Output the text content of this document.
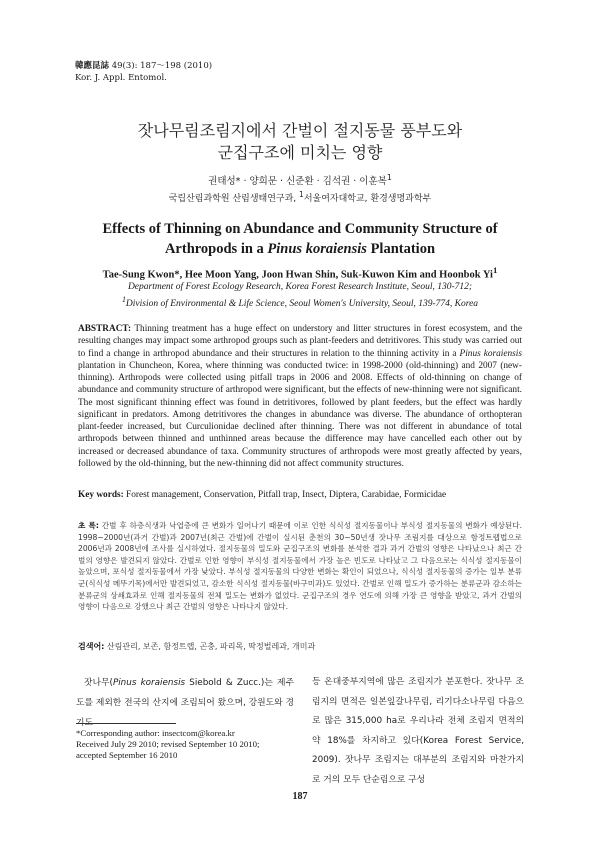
韓應昆誌 49(3): 187～198 (2010)
Kor. J. Appl. Entomol.
잣나무림조림지에서 간벌이 절지동물 풍부도와
군집구조에 미치는 영향
권태성* · 양희문 · 신준환 · 김석권 · 이훈복$^1$
국립산림과학원 산림생태연구과, $^1$서울여자대학교, 환경생명과학부
Effects of Thinning on Abundance and Community Structure of
Arthropods in a Pinus koraiensis Plantation
Tae-Sung Kwon*, Hee Moon Yang, Joon Hwan Shin, Suk-Kuwon Kim and Hoonbok Yi$^1$
Department of Forest Ecology Research, Korea Forest Research Institute, Seoul, 130-712;
$^1$Division of Environmental & Life Science, Seoul Women's University, Seoul, 139-774, Korea
ABSTRACT: Thinning treatment has a huge effect on understory and litter structures in forest ecosystem, and the resulting changes may impact some arthropod groups such as plant-feeders and detritivores. This study was carried out to find a change in arthropod abundance and their structures in relation to the thinning activity in a Pinus koraiensis plantation in Chuncheon, Korea, where thinning was conducted twice: in 1998-2000 (old-thinning) and 2007 (new-thinning). Arthropods were collected using pitfall traps in 2006 and 2008. Effects of old-thinning on change of abundance and community structure of arthropod were significant, but the effects of new-thinning were not significant. The most significant thinning effect was found in detritivores, followed by plant feeders, but the effect was hardly significant in predators. Among detritivores the changes in abundance was diverse. The abundance of orthopteran plant-feeder increased, but Curculionidae declined after thinning. There was not different in abundance of total arthropods between thinned and unthinned areas because the difference may have cancelled each other out by increased or decreased abundance of taxa. Community structures of arthropods were most greatly affected by years, followed by the old-thinning, but the new-thinning did not affect community structures.
Key words: Forest management, Conservation, Pitfall trap, Insect, Diptera, Carabidae, Formicidae
초 록: 간벌 후 하층식생과 낙엽층에 큰 변화가 일어나기 때문에 이로 인한 식식성 절지동물이나 부식성 절지동물의 변화가 예상된다. 1998~2000년(과거 간벌)과 2007년(최근 간벌)에 간벌이 실시된 춘천의 30~50년생 잣나무 조림지를 대상으로 함정트랩법으로 2006년과 2008년에 조사를 실시하였다. 절지동물의 밀도와 군집구조의 변화를 분석한 결과 과거 간벌의 영향은 나타났으나 최근 간벌의 영향은 발견되지 않았다. 간벌로 인한 영향이 부식성 절지동물에서 가장 높은 빈도로 나타났고 그 다음으로는 식식성 절지동물이 높았으며, 포식성 절지동물에서 가장 낮았다. 부식성 절지동물의 다양한 변화는 확인이 되었으나, 식식성 절지동물의 증가는 일부 분류군(식식성 메뚜기목)에서만 발견되었고, 감소한 식식성 절지동물(바구미과)도 있었다. 간벌로 인해 밀도가 증가하는 분류군과 감소하는 분류군의 상쇄효과로 인해 절지동물의 전체 밀도는 변화가 없었다. 군집구조의 경우 연도에 의해 가장 큰 영향을 받았고, 과거 간벌의 영향이 다음으로 강했으나 최근 간벌의 영향은 나타나지 않았다.
검색어: 산림관리, 보존, 함정트랩, 곤충, 파리목, 딱정벌레과, 개미과
잣나무(Pinus koraiensis Siebold & Zucc.)는 제주도를 제외한 전국의 산지에 조림되어 왔으며, 강원도와 경기도
등 온대중부지역에 많은 조림지가 분포한다. 잣나무 조림지의 면적은 일본잎갈나무림, 리기다소나무림 다음으로 많은 315,000 ha로 우리나라 전체 조림지 면적의 약 18%를 차지하고 있다(Korea Forest Service, 2009). 잣나무 조림지는 대부분의 조림지와 마찬가지로 거의 모두 단순림으로 구성
*Corresponding author: insectcom@korea.kr
Received July 29 2010; revised September 10 2010;
accepted September 16 2010
187
